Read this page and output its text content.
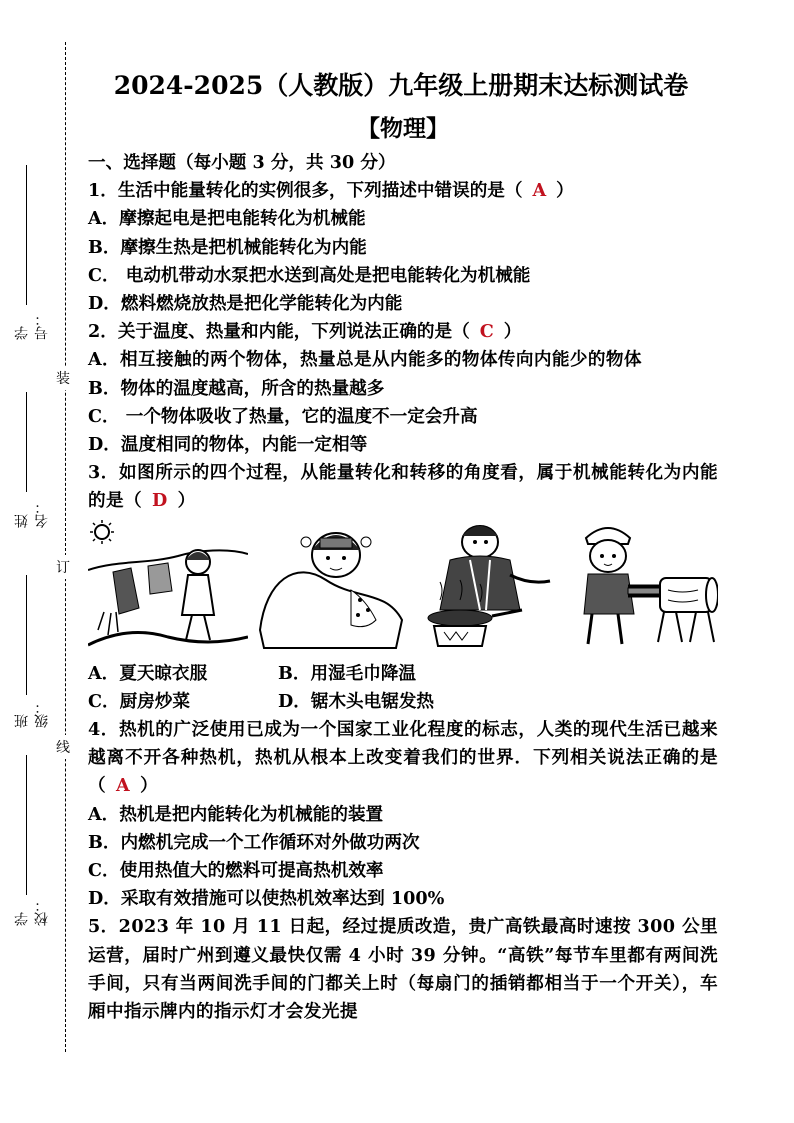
学号：
姓名：
班级：
学校：
装
订
线
2024-2025（人教版）九年级上册期末达标测试卷
【物理】

一、选择题（每小题 3 分，共 30 分）

1．生活中能量转化的实例很多，下列描述中错误的是（ A ）

A．摩擦起电是把电能转化为机械能

B．摩擦生热是把机械能转化为内能

C． 电动机带动水泵把水送到高处是把电能转化为机械能

D．燃料燃烧放热是把化学能转化为内能

2．关于温度、热量和内能，下列说法正确的是（ C ）

A．相互接触的两个物体，热量总是从内能多的物体传向内能少的物体

B．物体的温度越高，所含的热量越多

C． 一个物体吸收了热量，它的温度不一定会升高

D．温度相同的物体，内能一定相等

3．如图所示的四个过程，从能量转化和转移的角度看，属于机械能转化为内能的是（ D ）

A．夏天晾衣服	B．用湿毛巾降温

C．厨房炒菜	D．锯木头电锯发热

4．热机的广泛使用已成为一个国家工业化程度的标志，人类的现代生活已越来越离不开各种热机，热机从根本上改变着我们的世界．下列相关说法正确的是（ A ）

A．热机是把内能转化为机械能的装置

B．内燃机完成一个工作循环对外做功两次

C．使用热值大的燃料可提高热机效率

D．采取有效措施可以使热机效率达到 100%

5．2023 年 10 月 11 日起，经过提质改造，贵广高铁最高时速按 300 公里运营，届时广州到遵义最快仅需 4 小时 39 分钟。“高铁”每节车里都有两间洗手间，只有当两间洗手间的门都关上时（每扇门的插销都相当于一个开关），车厢中指示牌内的指示灯才会发光提
